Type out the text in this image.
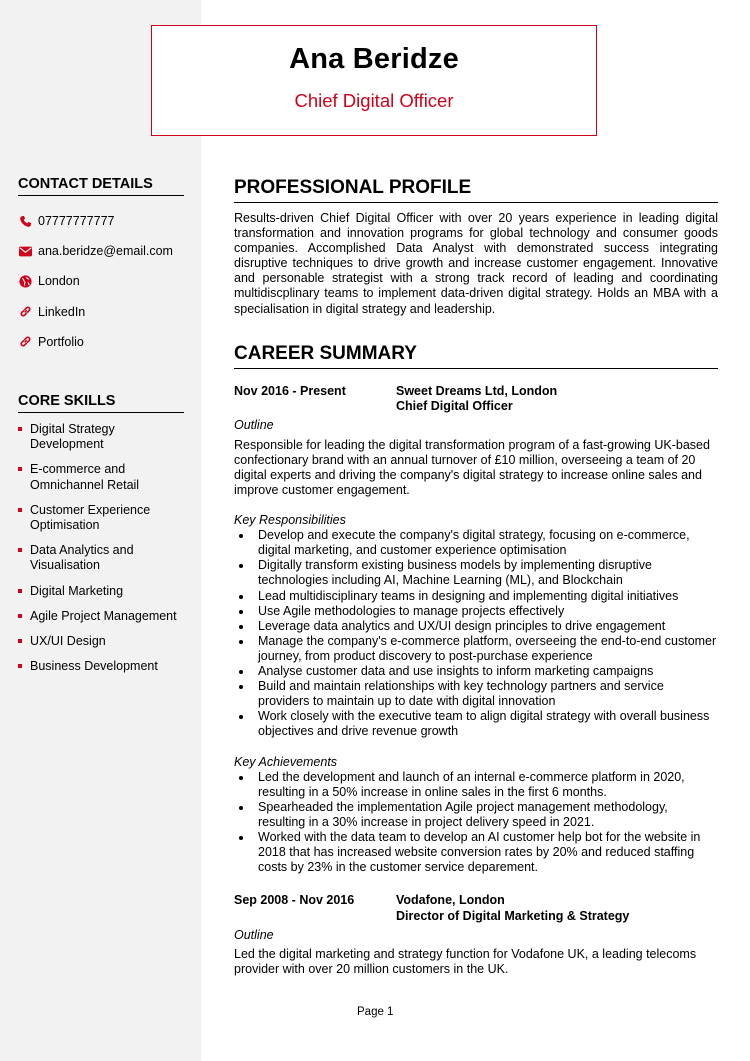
Ana Beridze
Chief Digital Officer
CONTACT DETAILS
07777777777
ana.beridze@email.com
London
LinkedIn
Portfolio
CORE SKILLS
Digital Strategy Development
E-commerce and Omnichannel Retail
Customer Experience Optimisation
Data Analytics and Visualisation
Digital Marketing
Agile Project Management
UX/UI Design
Business Development
PROFESSIONAL PROFILE

Results-driven Chief Digital Officer with over 20 years experience in leading digital transformation and innovation programs for global technology and consumer goods companies. Accomplished Data Analyst with demonstrated success integrating disruptive techniques to drive growth and increase customer engagement. Innovative and personable strategist with a strong track record of leading and coordinating multidiscplinary teams to implement data-driven digital strategy. Holds an MBA with a specialisation in digital strategy and leadership.

CAREER SUMMARY
Nov 2016 - Present	Sweet Dreams Ltd, London
Chief Digital Officer
Outline

Responsible for leading the digital transformation program of a fast-growing UK-based confectionary brand with an annual turnover of £10 million, overseeing a team of 20 digital experts and driving the company's digital strategy to increase online sales and improve customer engagement.

Key Responsibilities
Develop and execute the company's digital strategy, focusing on e-commerce, digital marketing, and customer experience optimisation
Digitally transform existing business models by implementing disruptive technologies including AI, Machine Learning (ML), and Blockchain
Lead multidisciplinary teams in designing and implementing digital initiatives
Use Agile methodologies to manage projects effectively
Leverage data analytics and UX/UI design principles to drive engagement
Manage the company's e-commerce platform, overseeing the end-to-end customer journey, from product discovery to post-purchase experience
Analyse customer data and use insights to inform marketing campaigns
Build and maintain relationships with key technology partners and service providers to maintain up to date with digital innovation
Work closely with the executive team to align digital strategy with overall business objectives and drive revenue growth
Key Achievements
Led the development and launch of an internal e-commerce platform in 2020, resulting in a 50% increase in online sales in the first 6 months.
Spearheaded the implementation Agile project management methodology, resulting in a 30% increase in project delivery speed in 2021.
Worked with the data team to develop an AI customer help bot for the website in 2018 that has increased website conversion rates by 20% and reduced staffing costs by 23% in the customer service deparement.
Sep 2008 - Nov 2016	Vodafone, London
Director of Digital Marketing & Strategy
Outline

Led the digital marketing and strategy function for Vodafone UK, a leading telecoms provider with over 20 million customers in the UK.

Page 1
